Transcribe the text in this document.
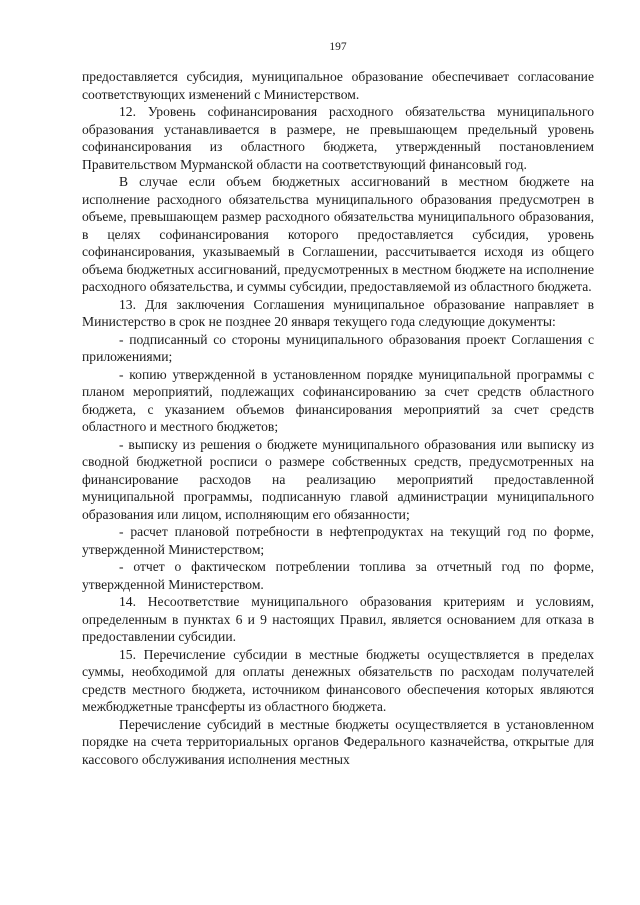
197

предоставляется субсидия, муниципальное образование обеспечивает согласование соответствующих изменений с Министерством.

12. Уровень софинансирования расходного обязательства муниципального образования устанавливается в размере, не превышающем предельный уровень софинансирования из областного бюджета, утвержденный постановлением Правительством Мурманской области на соответствующий финансовый год.

В случае если объем бюджетных ассигнований в местном бюджете на исполнение расходного обязательства муниципального образования предусмотрен в объеме, превышающем размер расходного обязательства муниципального образования, в целях софинансирования которого предоставляется субсидия, уровень софинансирования, указываемый в Соглашении, рассчитывается исходя из общего объема бюджетных ассигнований, предусмотренных в местном бюджете на исполнение расходного обязательства, и суммы субсидии, предоставляемой из областного бюджета.

13. Для заключения Соглашения муниципальное образование направляет в Министерство в срок не позднее 20 января текущего года следующие документы:

- подписанный со стороны муниципального образования проект Соглашения с приложениями;

- копию утвержденной в установленном порядке муниципальной программы с планом мероприятий, подлежащих софинансированию за счет средств областного бюджета, с указанием объемов финансирования мероприятий за счет средств областного и местного бюджетов;

- выписку из решения о бюджете муниципального образования или выписку из сводной бюджетной росписи о размере собственных средств, предусмотренных на финансирование расходов на реализацию мероприятий предоставленной муниципальной программы, подписанную главой администрации муниципального образования или лицом, исполняющим его обязанности;

- расчет плановой потребности в нефтепродуктах на текущий год по форме, утвержденной Министерством;

- отчет о фактическом потреблении топлива за отчетный год по форме, утвержденной Министерством.

14. Несоответствие муниципального образования критериям и условиям, определенным в пунктах 6 и 9 настоящих Правил, является основанием для отказа в предоставлении субсидии.

15. Перечисление субсидии в местные бюджеты осуществляется в пределах суммы, необходимой для оплаты денежных обязательств по расходам получателей средств местного бюджета, источником финансового обеспечения которых являются межбюджетные трансферты из областного бюджета.

Перечисление субсидий в местные бюджеты осуществляется в установленном порядке на счета территориальных органов Федерального казначейства, открытые для кассового обслуживания исполнения местных
